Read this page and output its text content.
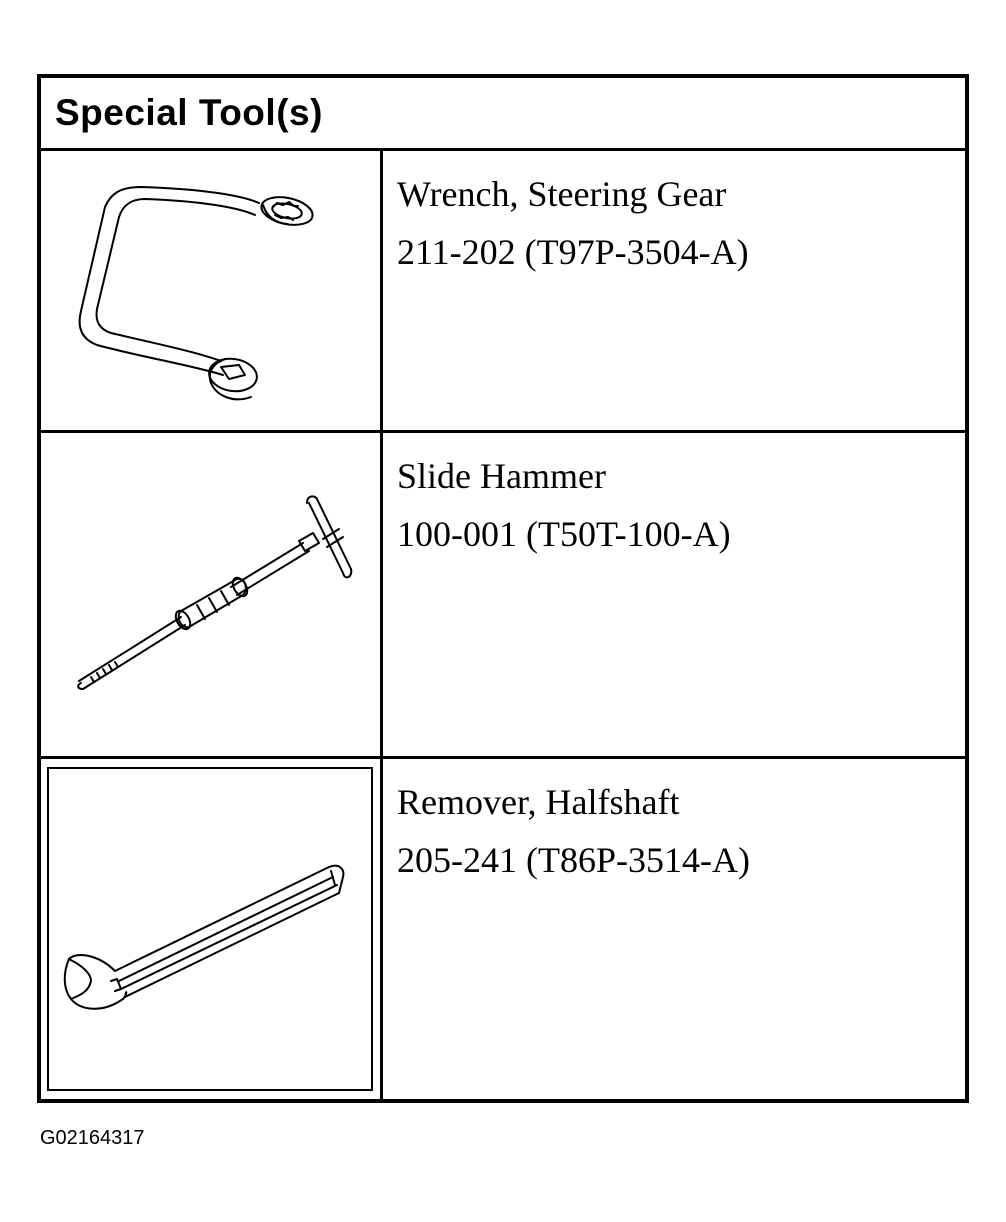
Special Tool(s)
Wrench, Steering Gear
211-202 (T97P-3504-A)
Slide Hammer
100-001 (T50T-100-A)
Remover, Halfshaft
205-241 (T86P-3514-A)
G02164317
